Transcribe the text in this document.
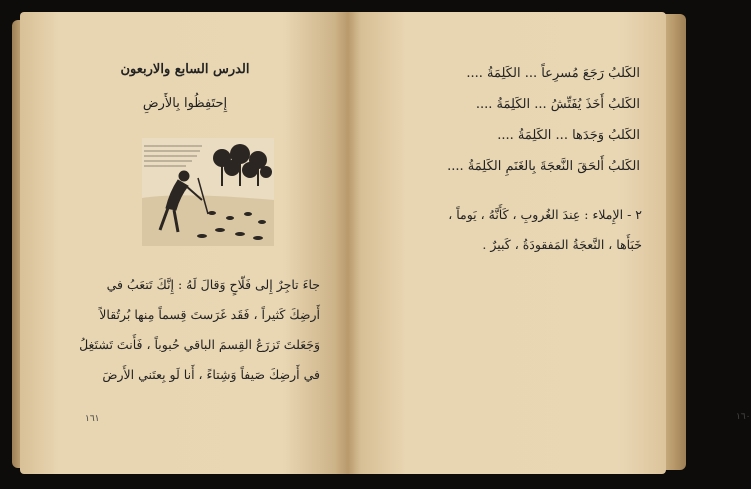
الدرس السابع والاربعون
إِحتَفِظُوا بِالأَرضِ
جاءَ تاجِرٌ إِلى فَلّاحٍ وَقالَ لَهُ : إِنَّكَ تَتعَبُ في
أَرضِكَ كَثيراً ، فَقَد غَرَستَ قِسماً مِنها بُرتُقالاً
وَجَعَلتَ تَزرَعُ القِسمَ الباقي حُبوباً ، فَأَنتَ تَشتَغِلُ
في أَرضِكَ صَيفاً وَشِتاءً ، أَنا لَو بِعتَني الأَرضَ
١٦١
الكَلبُ رَجَعَ مُسرِعاً ... الكَلِمَةُ ....
الكَلبُ أَخَذَ يُفَتِّشُ ... الكَلِمَةُ ....
الكَلبُ وَجَدَها ... الكَلِمَةُ ....
الكَلبُ أَلحَقَ النَّعجَةَ بِالغَنَمِ الكَلِمَةُ ....
٢ - الإِملاء : عِندَ الغُروبِ ، كَأَنَّهُ ، يَوماً ،
خَبَأَها ، النَّعجَةُ المَفقودَةُ ، كَبيرٌ .
١٦٠
